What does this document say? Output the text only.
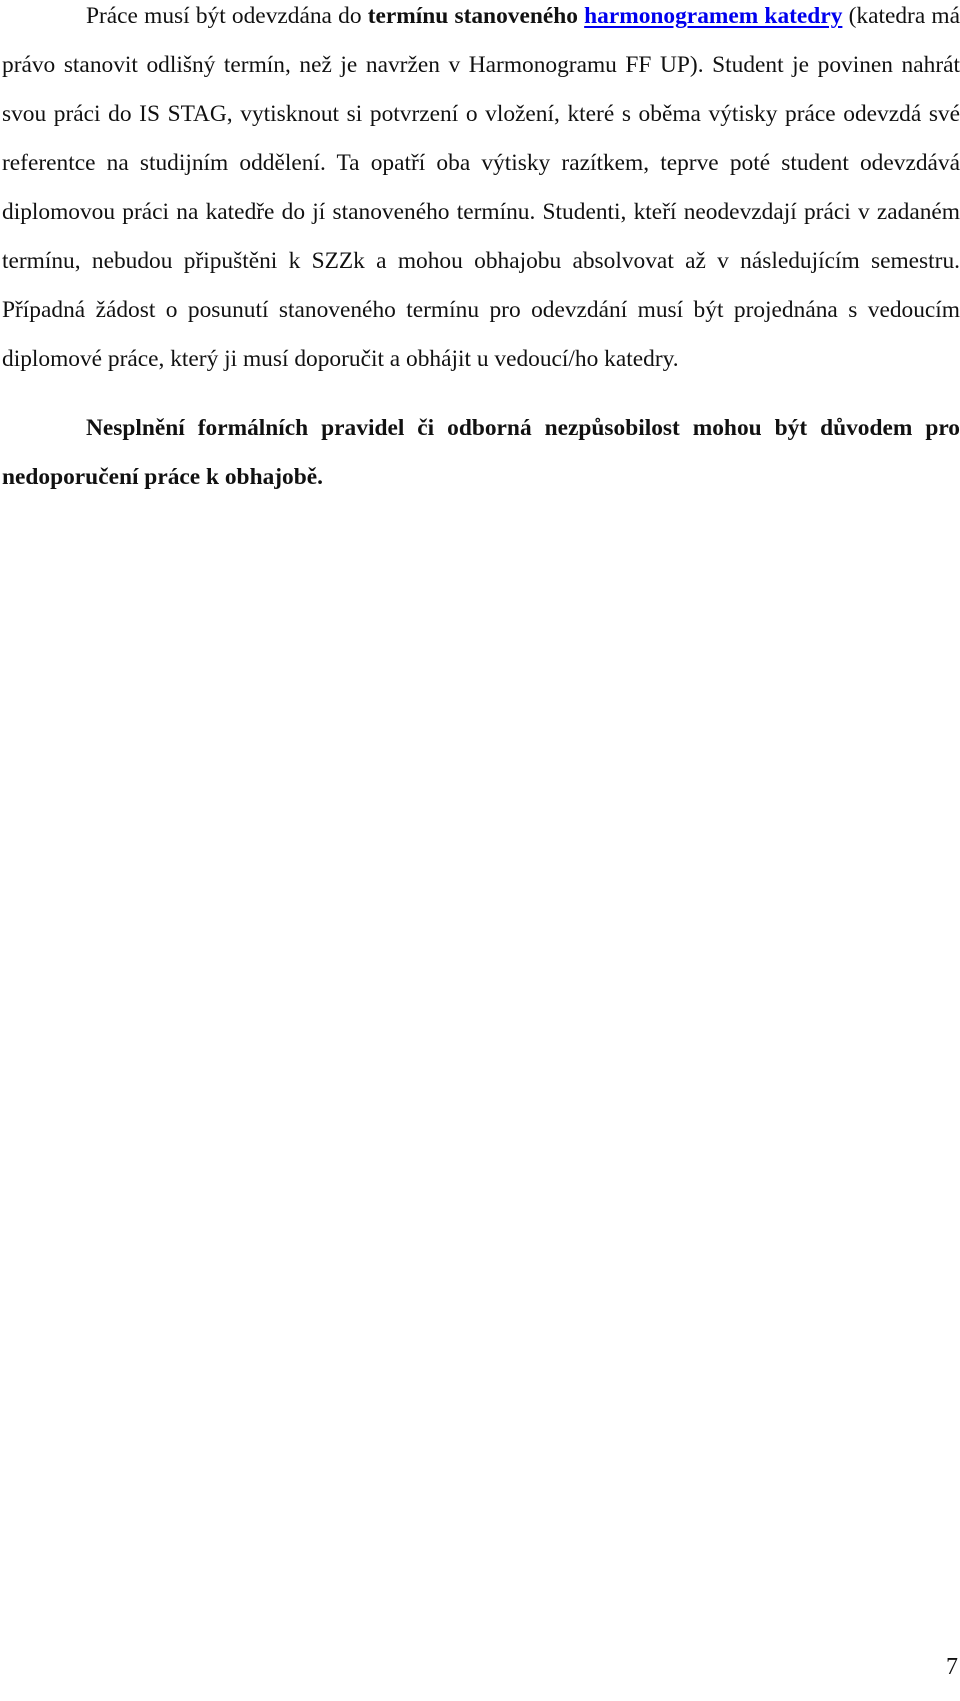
Práce musí být odevzdána do termínu stanoveného harmonogramem katedry (katedra má právo stanovit odlišný termín, než je navržen v Harmonogramu FF UP). Student je povinen nahrát svou práci do IS STAG, vytisknout si potvrzení o vložení, které s oběma výtisky práce odevzdá své referentce na studijním oddělení. Ta opatří oba výtisky razítkem, teprve poté student odevzdává diplomovou práci na katedře do jí stanoveného termínu. Studenti, kteří neodevzdají práci v zadaném termínu, nebudou připuštěni k SZZk a mohou obhajobu absolvovat až v následujícím semestru. Případná žádost o posunutí stanoveného termínu pro odevzdání musí být projednána s vedoucím diplomové práce, který ji musí doporučit a obhájit u vedoucí/ho katedry.

Nesplnění formálních pravidel či odborná nezpůsobilost mohou být důvodem pro nedoporučení práce k obhajobě.

7
